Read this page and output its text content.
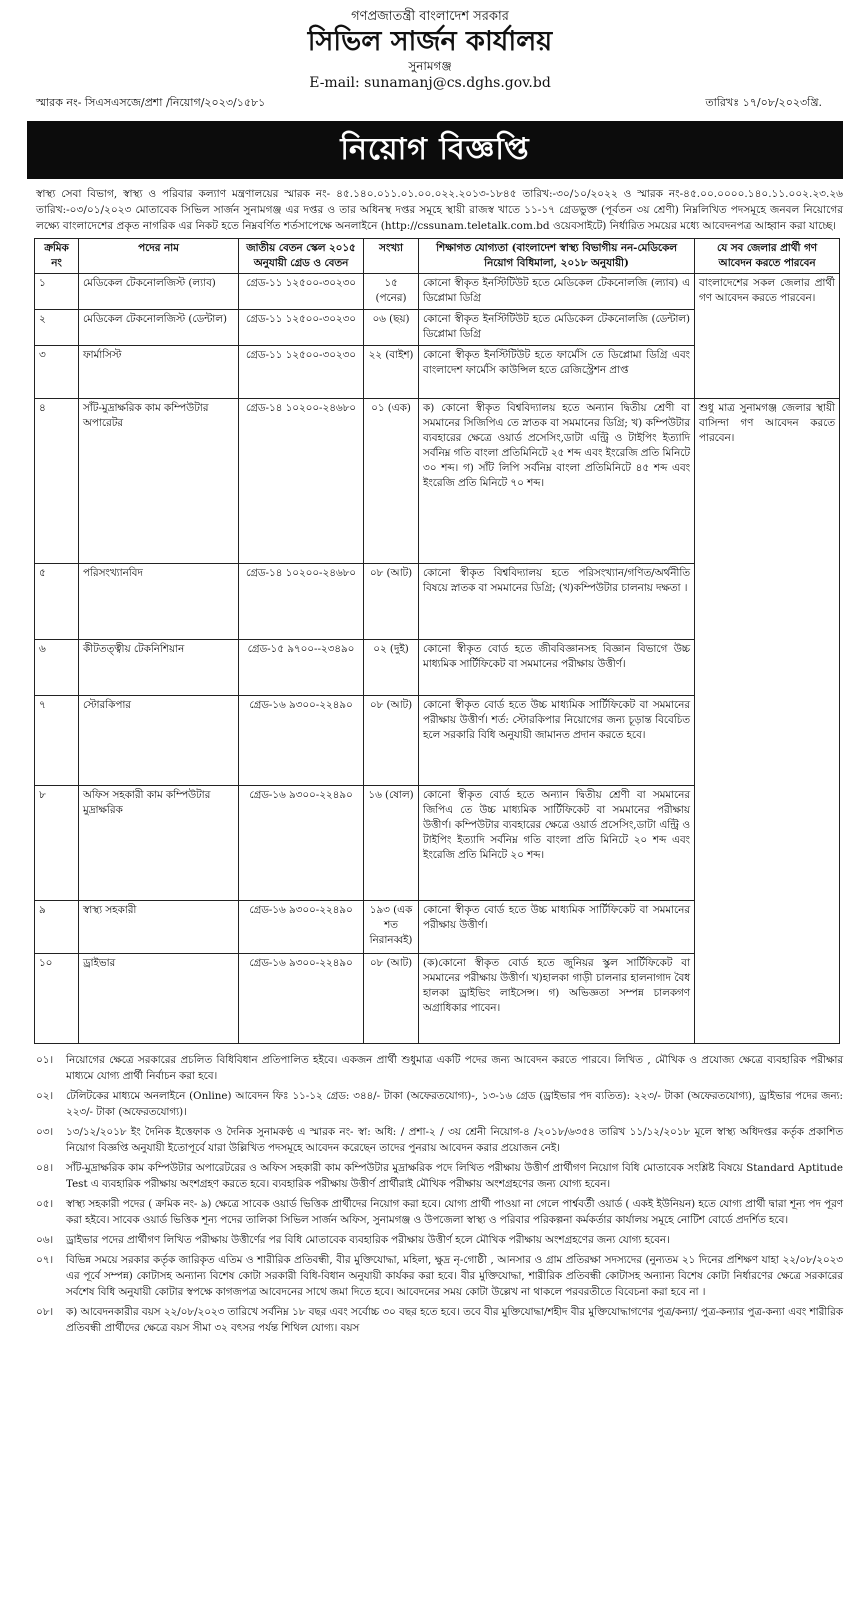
গণপ্রজাতন্ত্রী বাংলাদেশ সরকার
সিভিল সার্জন কার্যালয়
সুনামগঞ্জ
E-mail: sunamanj@cs.dghs.gov.bd
স্মারক নং- সিএসএসজে/প্রশা /নিয়োগ/২০২৩/১৫৮১	তারিখঃ ১৭/০৮/২০২৩খ্রি.
নিয়োগ বিজ্ঞপ্তি
স্বাস্থ্য সেবা বিভাগ, স্বাস্থ্য ও পরিবার কল্যাণ মন্ত্রণালয়ের স্মারক নং- ৪৫.১৪০.০১১.০১.০০.০২২.২০১৩-১৮৪৫ তারিখ:-৩০/১০/২০২২ ও স্মারক নং-৪৫.০০.০০০০.১৪০.১১.০০২.২৩.২৬ তারিখ:-০৩/০১/২০২৩ মোতাবেক সিভিল সার্জন সুনামগঞ্জ এর দপ্তর ও তার অধিনস্থ দপ্তর সমূহে স্থায়ী রাজস্ব খাতে ১১-১৭ গ্রেডভুক্ত (পূর্বতন ৩য় শ্রেণী) নিম্নলিখিত পদসমূহে জনবল নিয়োগের লক্ষ্যে বাংলাদেশের প্রকৃত নাগরিক এর নিকট হতে নিম্নবর্ণিত শর্তসাপেক্ষে অনলাইনে (http://cssunam.teletalk.com.bd ওয়েবসাইটে) নির্ধারিত সময়ের মধ্যে আবেদনপত্র আহ্বান করা যাচ্ছে।
ক্রমিক নং	পদের নাম	জাতীয় বেতন স্কেল ২০১৫ অনুযায়ী গ্রেড ও বেতন	সংখ্যা	শিক্ষাগত যোগ্যতা (বাংলাদেশ স্বাস্থ্য বিভাগীয় নন-মেডিকেল নিয়োগ বিধিমালা, ২০১৮ অনুযায়ী)	যে সব জেলার প্রার্থী গণ আবেদন করতে পারবেন
১	মেডিকেল টেকনোলজিস্ট (ল্যাব)	গ্রেড-১১ ১২৫০০-৩০২৩০	১৫ (পনের)	কোনো স্বীকৃত ইনস্টিটিউট হতে মেডিকেল টেকনোলজি (ল্যাব) এ ডিপ্লোমা ডিগ্রি	বাংলাদেশের সকল জেলার প্রার্থী গণ আবেদন করতে পারবেন।
২	মেডিকেল টেকনোলজিস্ট (ডেন্টাল)	গ্রেড-১১ ১২৫০০-৩০২৩০	০৬ (ছয়)	কোনো স্বীকৃত ইনস্টিটিউট হতে মেডিকেল টেকনোলজি (ডেন্টাল) ডিপ্লোমা ডিগ্রি	
৩	ফার্মাসিস্ট	গ্রেড-১১ ১২৫০০-৩০২৩০	২২ (বাইশ)	কোনো স্বীকৃত ইনস্টিটিউট হতে ফার্মেসি তে ডিপ্লোমা ডিগ্রি এবং বাংলাদেশ ফার্মেসি কাউন্সিল হতে রেজিস্ট্রেশন প্রাপ্ত	
৪	সাঁট-মুদ্রাক্ষরিক কাম কম্পিউটার অপারেটর	গ্রেড-১৪ ১০২০০-২৪৬৮০	০১ (এক)	ক) কোনো স্বীকৃত বিশ্ববিদ্যালয় হতে অন্যান দ্বিতীয় শ্রেণী বা সমমানের সিজিপিএ তে স্নাতক বা সমমানের ডিগ্রি; খ) কম্পিউটার ব্যবহারের ক্ষেত্রে ওয়ার্ড প্রসেসিং,ডাটা এন্ট্রি ও টাইপিং ইত্যাদি সর্বনিম্ন গতি বাংলা প্রতিমিনিটে ২৫ শব্দ এবং ইংরেজি প্রতি মিনিটে ৩০ শব্দ। গ) সাঁট লিপি সর্বনিম্ন বাংলা প্রতিমিনিটে ৪৫ শব্দ এবং ইংরেজি প্রতি মিনিটে ৭০ শব্দ।	শুধু মাত্র সুনামগঞ্জ জেলার স্থায়ী বাসিন্দা গণ আবেদন করতে পারবেন।
৫	পরিসংখ্যানবিদ	গ্রেড-১৪ ১০২০০-২৪৬৮০	০৮ (আট)	কোনো স্বীকৃত বিশ্ববিদ্যালয় হতে পরিসংখ্যান/গণিত/অর্থনীতি বিষয়ে স্নাতক বা সমমানের ডিগ্রি; (খ)কম্পিউটার চালনায় দক্ষতা ।	
৬	কীটতত্ত্বীয় টেকনিশিয়ান	গ্রেড-১৫ ৯৭০০--২৩৪৯০	০২ (দুই)	কোনো স্বীকৃত বোর্ড হতে জীববিজ্ঞানসহ বিজ্ঞান বিভাগে উচ্চ মাধ্যমিক সার্টিফিকেট বা সমমানের পরীক্ষায় উত্তীর্ণ।	
৭	স্টোরকিপার	গ্রেড-১৬ ৯৩০০-২২৪৯০	০৮ (আট)	কোনো স্বীকৃত বোর্ড হতে উচ্চ মাধ্যমিক সার্টিফিকেট বা সমমানের পরীক্ষায় উত্তীর্ণ। শর্ত: স্টোরকিপার নিয়োগের জন্য চূড়ান্ত বিবেচিত হলে সরকারি বিধি অনুযায়ী জামানত প্রদান করতে হবে।	
৮	অফিস সহকারী কাম কম্পিউটার মুদ্রাক্ষরিক	গ্রেড-১৬ ৯৩০০-২২৪৯০	১৬ (ষোল)	কোনো স্বীকৃত বোর্ড হতে অন্যান দ্বিতীয় শ্রেণী বা সমমানের জিপিএ তে উচ্চ মাধ্যমিক সার্টিফিকেট বা সমমানের পরীক্ষায় উত্তীর্ণ। কম্পিউটার ব্যবহারের ক্ষেত্রে ওয়ার্ড প্রসেসিং,ডাটা এন্ট্রি ও টাইপিং ইত্যাদি সর্বনিম্ন গতি বাংলা প্রতি মিনিটে ২০ শব্দ এবং ইংরেজি প্রতি মিনিটে ২০ শব্দ।	
৯	স্বাস্থ্য সহকারী	গ্রেড-১৬ ৯৩০০-২২৪৯০	১৯৩ (এক শত নিরানব্বই)	কোনো স্বীকৃত বোর্ড হতে উচ্চ মাধ্যমিক সার্টিফিকেট বা সমমানের পরীক্ষায় উত্তীর্ণ।	
১০	ড্রাইভার	গ্রেড-১৬ ৯৩০০-২২৪৯০	০৮ (আট)	(ক)কোনো স্বীকৃত বোর্ড হতে জুনিয়র স্কুল সার্টিফিকেট বা সমমানের পরীক্ষায় উত্তীর্ণ। খ)হালকা গাড়ী চালনার হালনাগাদ বৈধ হালকা ড্রাইভিং লাইসেন্স। গ) অভিজ্ঞতা সম্পন্ন চালকগণ অগ্রাধিকার পাবেন।	
০১।	নিয়োগের ক্ষেত্রে সরকারের প্রচলিত বিধিবিধান প্রতিপালিত হইবে। একজন প্রার্থী শুধুমাত্র একটি পদের জন্য আবেদন করতে পারবে। লিখিত , মৌখিক ও প্রযোজ্য ক্ষেত্রে ব্যবহারিক পরীক্ষার মাধ্যমে যোগ্য প্রার্থী নির্বাচন করা হবে।
০২।	টেলিটকের মাধ্যমে অনলাইনে (Online) আবেদন ফিঃ ১১-১২ গ্রেড: ৩৪৪/- টাকা (অফেরতযোগ্য)-, ১৩-১৬ গ্রেড (ড্রাইভার পদ ব্যতিত): ২২৩/- টাকা (অফেরতযোগ্য), ড্রাইভার পদের জন্য: ২২৩/- টাকা (অফেরতযোগ্য)।
০৩।	১৩/১২/২০১৮ ইং দৈনিক ইত্তেফাক ও দৈনিক সুনামকণ্ঠ এ স্মারক নং- স্বা: অধি: / প্রশা-২ / ৩য় শ্রেনী নিয়োগ-৪ /২০১৮/৬৩৫৪ তারিখ ১১/১২/২০১৮ মূলে স্বাস্থ্য অধিদপ্তর কর্তৃক প্রকাশিত নিয়োগ বিজ্ঞপ্তি অনুযায়ী ইতোপূর্বে যারা উল্লিখিত পদসমূহে আবেদন করেছেন তাদের পুনরায় আবেদন করার প্রয়োজন নেই।
০৪।	সাঁট-মুদ্রাক্ষরিক কাম কম্পিউটার অপারেটরের ও অফিস সহকারী কাম কম্পিউটার মুদ্রাক্ষরিক পদে লিখিত পরীক্ষায় উত্তীর্ণ প্রার্থীগণ নিয়োগ বিধি মোতাবেক সংশ্লিষ্ট বিষয়ে Standard Aptitude Test এ ব্যবহারিক পরীক্ষায় অংশগ্রহণ করতে হবে। ব্যবহারিক পরীক্ষায় উত্তীর্ণ প্রার্থীরাই মৌখিক পরীক্ষায় অংশগ্রহণের জন্য যোগ্য হবেন।
০৫।	স্বাস্থ্য সহকারী পদের ( ক্রমিক নং- ৯) ক্ষেত্রে সাবেক ওয়ার্ড ভিত্তিক প্রার্থীদের নিয়োগ করা হবে। যোগ্য প্রার্থী পাওয়া না গেলে পার্শ্ববর্তী ওয়ার্ড ( একই ইউনিয়ন) হতে যোগ্য প্রার্থী দ্বারা শূন্য পদ পূরণ করা হইবে। সাবেক ওয়ার্ড ভিত্তিক শূন্য পদের তালিকা সিভিল সার্জন অফিস, সুনামগঞ্জ ও উপজেলা স্বাস্থ্য ও পরিবার পরিকল্পনা কর্মকর্তার কার্যালয় সমূহে নোটিশ বোর্ডে প্রদর্শিত হবে।
০৬।	ড্রাইভার পদের প্রার্থীগণ লিখিত পরীক্ষায় উত্তীর্ণের পর বিধি মোতাবেক ব্যবহারিক পরীক্ষায় উত্তীর্ণ হলে মৌখিক পরীক্ষায় অংশগ্রহণের জন্য যোগ্য হবেন।
০৭।	বিভিন্ন সময়ে সরকার কর্তৃক জারিকৃত এতিম ও শারীরিক প্রতিবন্ধী, বীর মুক্তিযোদ্ধা, মহিলা, ক্ষুদ্র নৃ-গোষ্ঠী , আনসার ও গ্রাম প্রতিরক্ষা সদস্যদের (নুন্যতম ২১ দিনের প্রশিক্ষণ যাহা ২২/০৮/২০২৩ এর পূর্বে সম্পন্ন) কোটাসহ অন্যান্য বিশেষ কোটা সরকারী বিধি-বিধান অনুযায়ী কার্যকর করা হবে। বীর মুক্তিযোদ্ধা, শারীরিক প্রতিবন্ধী কোটাসহ অন্যান্য বিশেষ কোটা নির্ধারণের ক্ষেত্রে সরকারের সর্বশেষ বিধি অনুযায়ী কোটার স্বপক্ষে কাগজপত্র আবেদনের সাথে জমা দিতে হবে। আবেদনের সময় কোটা উল্লেখ না থাকলে পরবরতীতে বিবেচনা করা হবে না ।
০৮।	ক) আবেদনকারীর বয়স ২২/০৮/২০২৩ তারিখে সর্বনিম্ন ১৮ বছর এবং সর্বোচ্চ ৩০ বছর হতে হবে। তবে বীর মুক্তিযোদ্ধা/শহীদ বীর মুক্তিযোদ্ধাগণের পুত্র/কন্যা/ পুত্র-কন্যার পুত্র-কন্যা এবং শারীরিক প্রতিবন্ধী প্রার্থীদের ক্ষেত্রে বয়স সীমা ৩২ বৎসর পর্যন্ত শিথিল যোগ্য। বয়স
